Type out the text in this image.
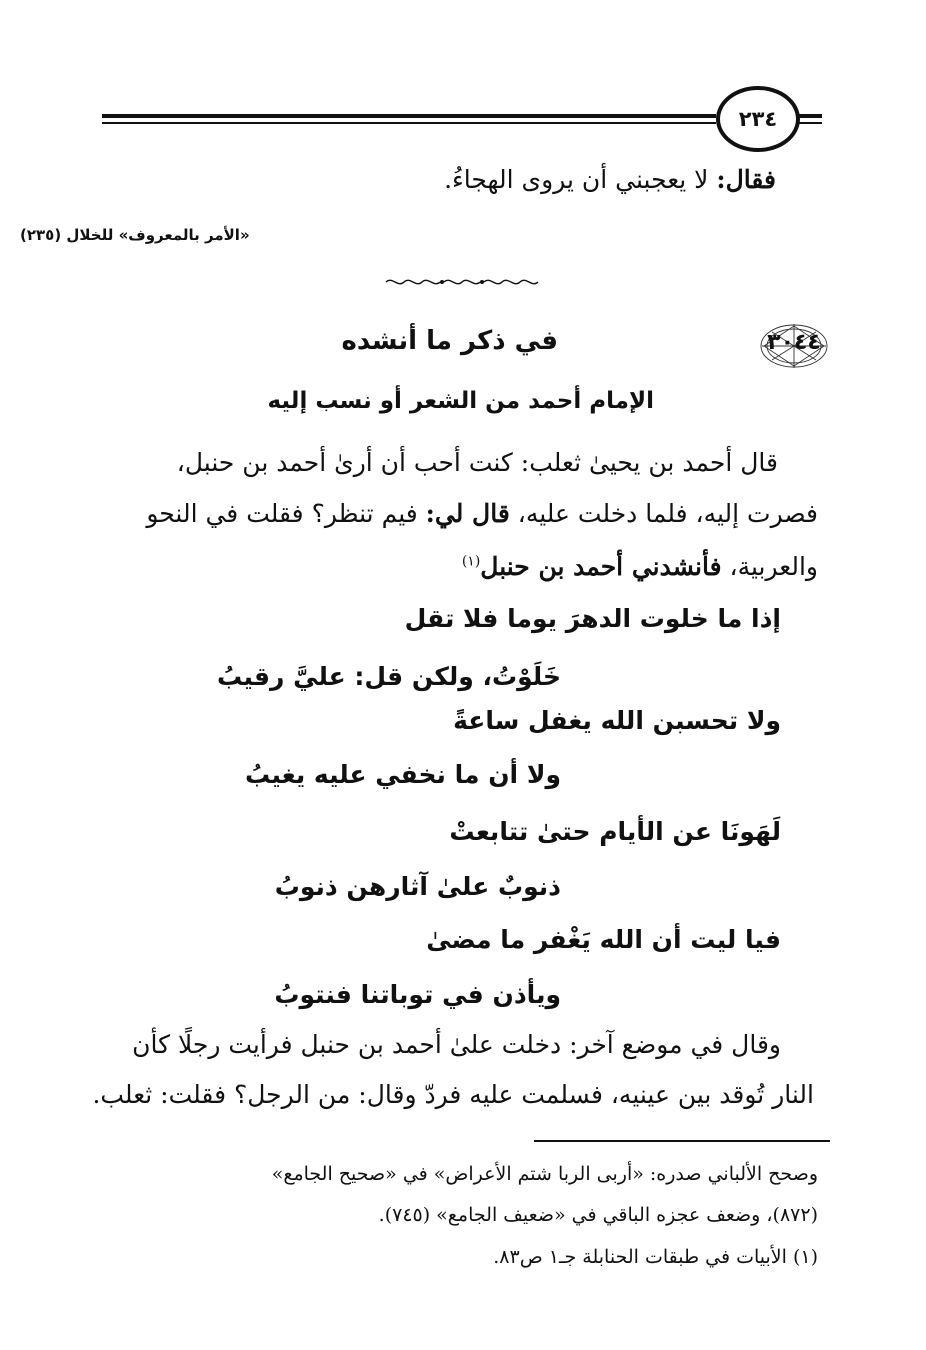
٢٣٤
فقال: لا يعجبني أن يروى الهجاءُ.
«الأمر بالمعروف» للخلال (٢٣٥)
٣٠٤٤
في ذكر ما أنشده
الإمام أحمد من الشعر أو نسب إليه
قال أحمد بن يحيىٰ ثعلب: كنت أحب أن أرىٰ أحمد بن حنبل،
فصرت إليه، فلما دخلت عليه، قال لي: فيم تنظر؟ فقلت في النحو
والعربية، فأنشدني أحمد بن حنبل$^{(١)}$
إذا ما خلوت الدهرَ يوما فلا تقل
خَلَوْتُ، ولكن قل: عليَّ رقيبُ
ولا تحسبن الله يغفل ساعةً
ولا أن ما نخفي عليه يغيبُ
لَهَونَا عن الأيام حتىٰ تتابعتْ
ذنوبٌ علىٰ آثارهن ذنوبُ
فيا ليت أن الله يَغْفر ما مضىٰ
ويأذن في توباتنا فنتوبُ
وقال في موضع آخر: دخلت علىٰ أحمد بن حنبل فرأيت رجلًا كأن
النار تُوقد بين عينيه، فسلمت عليه فردّ وقال: من الرجل؟ فقلت: ثعلب.
وصحح الألباني صدره: «أربى الربا شتم الأعراض» في «صحيح الجامع»
(٨٧٢)، وضعف عجزه الباقي في «ضعيف الجامع» (٧٤٥).
(١) الأبيات في طبقات الحنابلة جـ١ ص٨٣.
